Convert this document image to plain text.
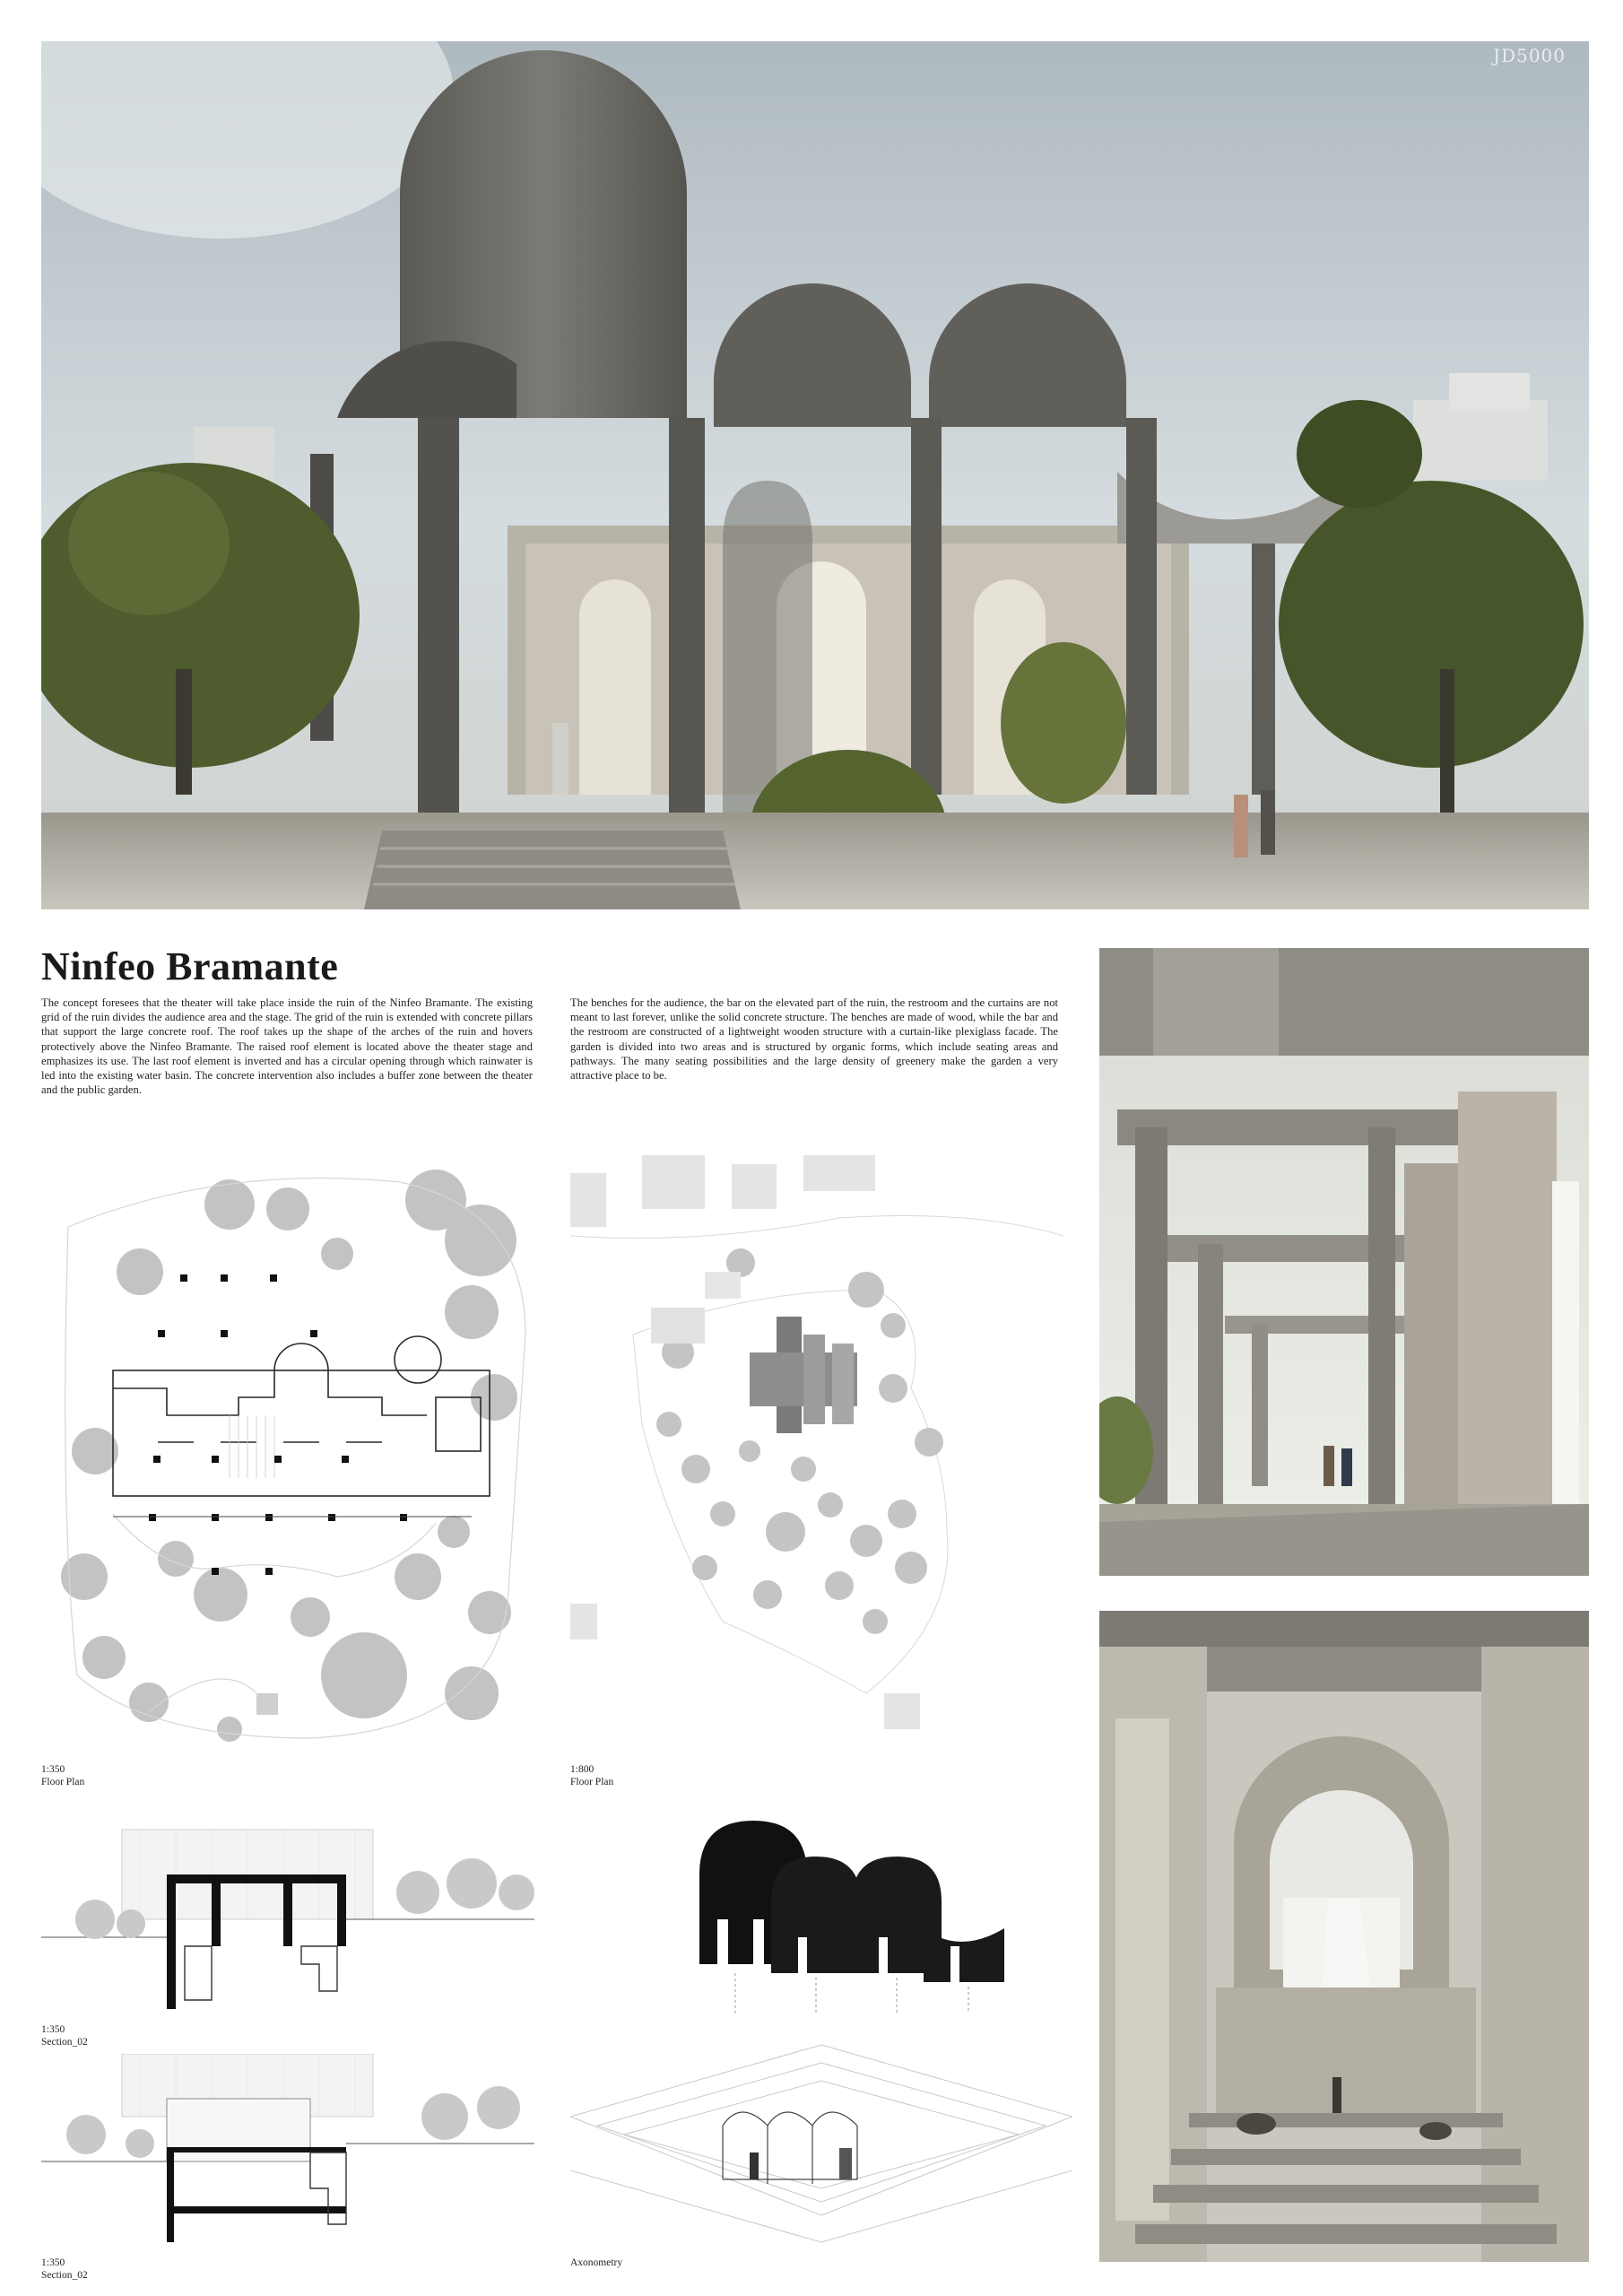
JD5000
Ninfeo Bramante
The concept foresees that the theater will take place inside the ruin of the Ninfeo Bramante. The existing grid of the ruin divides the audience area and the stage. The grid of the ruin is extended with concrete pillars that support the large concrete roof. The roof takes up the shape of the arches of the ruin and hovers protectively above the Ninfeo Bramante. The raised roof element is located above the theater stage and emphasizes its use. The last roof element is inverted and has a circular opening through which rainwater is led into the existing water basin. The concrete intervention also includes a buffer zone between the theater and the public garden.
The benches for the audience, the bar on the elevated part of the ruin, the restroom and the curtains are not meant to last forever, unlike the solid concrete structure. The benches are made of wood, while the bar and the restroom are constructed of a lightweight wooden structure with a curtain-like plexiglass facade. The garden is divided into two areas and is structured by organic forms, which include seating areas and pathways. The many seating possibilities and the large density of greenery make the garden a very attractive place to be.
1:350
Floor Plan
1:800
Floor Plan
1:350
Section_02
1:350
Section_02
Axonometry
